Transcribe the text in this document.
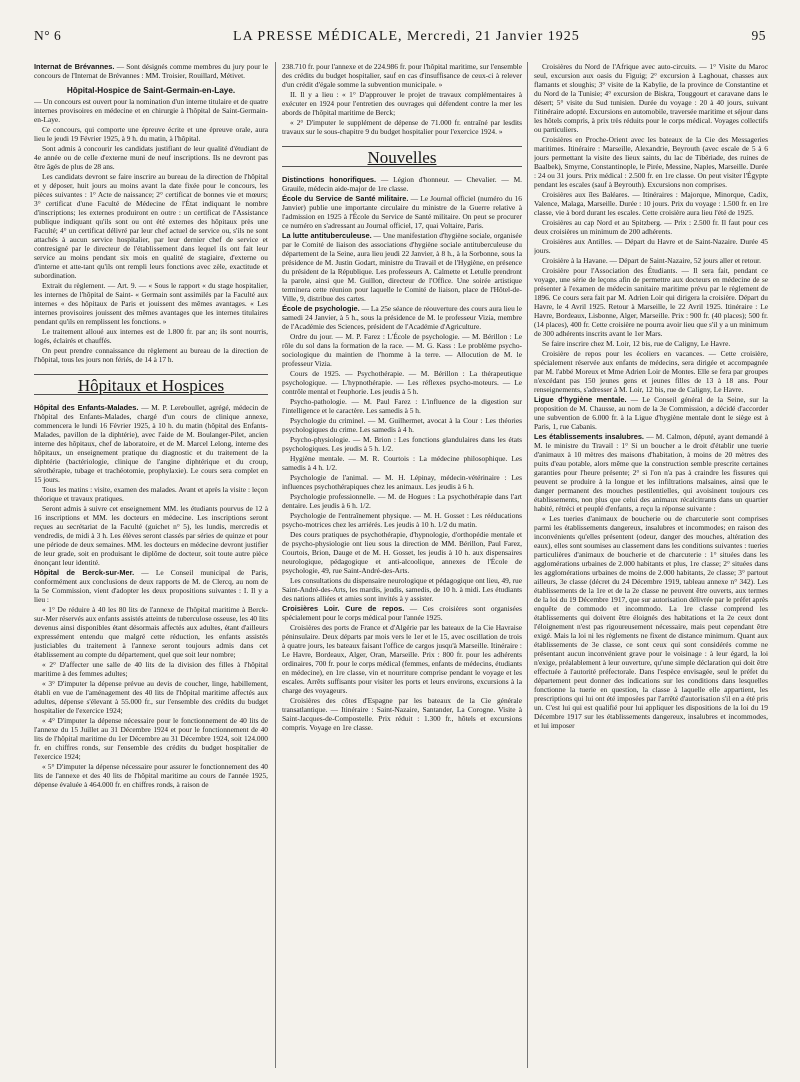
N° 6	LA PRESSE MÉDICALE, Mercredi, 21 Janvier 1925	95

Internat de Brévannes. — Sont désignés comme membres du jury pour le concours de l'Internat de Brévannes : MM. Troisier, Rouillard, Métivet.

Hôpital-Hospice de Saint-Germain-en-Laye.

— Un concours est ouvert pour la nomination d'un interne titulaire et de quatre internes provisoires en médecine et en chirurgie à l'hôpital de Saint-Germain-en-Laye.

Ce concours, qui comporte une épreuve écrite et une épreuve orale, aura lieu le jeudi 19 Février 1925, à 9 h. du matin, à l'hôpital.

Sont admis à concourir les candidats justifiant de leur qualité d'étudiant de 4e année ou de celle d'externe muni de neuf inscriptions. Ils ne devront pas être âgés de plus de 28 ans.

Les candidats devront se faire inscrire au bureau de la direction de l'hôpital et y déposer, huit jours au moins avant la date fixée pour le concours, les pièces suivantes : 1° Acte de naissance; 2° certificat de bonnes vie et mœurs; 3° certificat d'une Faculté de Médecine de l'État indiquant le nombre d'inscriptions; les externes produiront en outre : un certificat de l'Assistance publique indiquant qu'ils sont ou ont été externes des hôpitaux près une Faculté; 4° un certificat délivré par leur chef actuel de service ou, s'ils ne sont attachés à aucun service hospitalier, par leur dernier chef de service et contresigné par le directeur de l'établissement dans lequel ils ont fait leur service au moins pendant six mois en qualité de stagiaire, d'externe ou d'interne et atte-tant qu'ils ont rempli leurs fonctions avec zèle, exactitude et subordination.

Extrait du règlement. — Art. 9. — « Sous le rapport « du stage hospitalier, les internes de l'hôpital de Saint- « Germain sont assimilés par la Faculté aux internes « des hôpitaux de Paris et jouissent des mêmes avantages. « Les internes provisoires jouissent des mêmes avantages que les internes titulaires pendant qu'ils en remplissent les fonctions. »

Le traitement alloué aux internes est de 1.800 fr. par an; ils sont nourris, logés, éclairés et chauffés.

On peut prendre connaissance du règlement au bureau de la direction de l'hôpital, tous les jours non fériés, de 14 à 17 h.

Hôpitaux et Hospices

Hôpital des Enfants-Malades. — M. P. Lereboullet, agrégé, médecin de l'hôpital des Enfants-Malades, chargé d'un cours de clinique annexe, commencera le lundi 16 Février 1925, à 10 h. du matin (hôpital des Enfants-Malades, pavillon de la diphtérie), avec l'aide de M. Boulanger-Pilet, ancien interne des hôpitaux, chef de laboratoire, et de M. Marcel Lelong, interne des hôpitaux, un enseignement pratique du diagnostic et du traitement de la diphtérie (bactériologie, clinique de l'angine diphtérique et du croup, sérothérapie, tubage et trachéotomie, prophylaxie). Le cours sera complet en 15 jours.

Tous les matins : visite, examen des malades. Avant et après la visite : leçon théorique et travaux pratiques.

Seront admis à suivre cet enseignement MM. les étudiants pourvus de 12 à 16 inscriptions et MM. les docteurs en médecine. Les inscriptions seront reçues au secrétariat de la Faculté (guichet n° 5), les lundis, mercredis et vendredis, de midi à 3 h. Les élèves seront classés par séries de quinze et pour une période de deux semaines. MM. les docteurs en médecine devront justifier de leur grade, soit en produisant le diplôme de docteur, soit toute autre pièce énonçant leur identité.

Hôpital de Berck-sur-Mer. — Le Conseil municipal de Paris, conformément aux conclusions de deux rapports de M. de Clercq, au nom de la 5e Commission, vient d'adopter les deux propositions suivantes : I. Il y a lieu :

« 1° De réduire à 40 les 80 lits de l'annexe de l'hôpital maritime à Berck-sur-Mer réservés aux enfants assistés atteints de tuberculose osseuse, les 40 lits devenus ainsi disponibles étant désormais affectés aux adultes, étant d'ailleurs expressément entendu que malgré cette réduction, les enfants assistés justiciables du traitement à l'annexe seront toujours admis dans cet établissement au compte du département, quel que soit leur nombre;

« 2° D'affecter une salle de 40 lits de la division des filles à l'hôpital maritime à des femmes adultes;

« 3° D'imputer la dépense prévue au devis de coucher, linge, habillement, établi en vue de l'aménagement des 40 lits de l'hôpital maritime affectés aux adultes, dépense s'élevant à 55.000 fr., sur l'ensemble des crédits du budget hospitalier de l'exercice 1924;

« 4° D'imputer la dépense nécessaire pour le fonctionnement de 40 lits de l'annexe du 15 Juillet au 31 Décembre 1924 et pour le fonctionnement de 40 lits de l'hôpital maritime du 1er Décembre au 31 Décembre 1924, soit 124.000 fr. en chiffres ronds, sur l'ensemble des crédits du budget hospitalier de l'exercice 1924;

« 5° D'imputer la dépense nécessaire pour assurer le fonctionnement des 40 lits de l'annexe et des 40 lits de l'hôpital maritime au cours de l'année 1925, dépense évaluée à 464.000 fr. en chiffres ronds, à raison de

238.710 fr. pour l'annexe et de 224.986 fr. pour l'hôpital maritime, sur l'ensemble des crédits du budget hospitalier, sauf en cas d'insuffisance de ceux-ci à relever d'un crédit d'égale somme la subvention municipale. »

II. Il y a lieu : « 1° D'approuver le projet de travaux complémentaires à exécuter en 1924 pour l'entretien des ouvrages qui défendent contre la mer les abords de l'hôpital maritime de Berck;

« 2° D'imputer le supplément de dépense de 71.000 fr. entraîné par lesdits travaux sur le sous-chapitre 9 du budget hospitalier pour l'exercice 1924. »

Nouvelles

Distinctions honorifiques. — Légion d'honneur. — Chevalier. — M. Grauile, médecin aide-major de 1re classe.

École du Service de Santé militaire. — Le Journal officiel (numéro du 16 Janvier) publie une importante circulaire du ministre de la Guerre relative à l'admission en 1925 à l'École du Service de Santé militaire. On peut se procurer ce numéro en s'adressant au Journal officiel, 17, quai Voltaire, Paris.

La lutte antituberculeuse. — Une manifestation d'hygiène sociale, organisée par le Comité de liaison des associations d'hygiène sociale antituberculeuse du département de la Seine, aura lieu jeudi 22 Janvier, à 8 h., à la Sorbonne, sous la présidence de M. Justin Godart, ministre du Travail et de l'Hygiène, en présence du président de la République. Les professeurs A. Calmette et Letulle prendront la parole, ainsi que M. Guillon, directeur de l'Office. Une soirée artistique terminera cette réunion pour laquelle le Comité de liaison, place de l'Hôtel-de-Ville, 9, distribue des cartes.

École de psychologie. — La 25e séance de réouverture des cours aura lieu le samedi 24 Janvier, à 5 h., sous la présidence de M. le professeur Vizia, membre de l'Académie des Sciences, président de l'Académie d'Agriculture.

Ordre du jour. — M. P. Farez : L'École de psychologie. — M. Bérillon : Le rôle du sol dans la formation de la race. — M. G. Kass : Le problème psycho-sociologique du maintien de l'homme à la terre. — Allocution de M. le professeur Vizia.

Cours de 1925. — Psychothérapie. — M. Bérillon : La thérapeutique psychologique. — L'hypnothérapie. — Les réflexes psycho-moteurs. — Le contrôle mental et l'euphorie. Les jeudis à 5 h.

Psycho-pathologie. — M. Paul Farez : L'influence de la digestion sur l'intelligence et le caractère. Les samedis à 5 h.

Psychologie du criminel. — M. Guilhermet, avocat à la Cour : Les théories psychologiques du crime. Les samedis à 4 h.

Psycho-physiologie. — M. Brion : Les fonctions glandulaires dans les états psychologiques. Les jeudis à 5 h. 1/2.

Hygiène mentale. — M. R. Courtois : La médecine philosophique. Les samedis à 4 h. 1/2.

Psychologie de l'animal. — M. H. Lépinay, médecin-vétérinaire : Les influences psychothérapiques chez les animaux. Les jeudis à 6 h.

Psychologie professionnelle. — M. de Hogues : La psychothérapie dans l'art dentaire. Les jeudis à 6 h. 1/2.

Psychologie de l'entraînement physique. — M. H. Gosset : Les rééducations psycho-motrices chez les arriérés. Les jeudis à 10 h. 1/2 du matin.

Des cours pratiques de psychothérapie, d'hypnologie, d'orthopédie mentale et de psycho-physiologie ont lieu sous la direction de MM. Bérillon, Paul Farez, Courtois, Brion, Dauge et de M. H. Gosset, les jeudis à 10 h. aux dispensaires neurologique, pédagogique et anti-alcoolique, annexes de l'École de psychologie, 49, rue Saint-André-des-Arts.

Les consultations du dispensaire neurologique et pédagogique ont lieu, 49, rue Saint-André-des-Arts, les mardis, jeudis, samedis, de 10 h. à midi. Les étudiants des nations alliées et amies sont invités à y assister.

Croisières Loir. Cure de repos. — Ces croisières sont organisées spécialement pour le corps médical pour l'année 1925.

Croisières des ports de France et d'Algérie par les bateaux de la Cie Havraise péninsulaire. Deux départs par mois vers le 1er et le 15, avec oscillation de trois à quatre jours, les bateaux faisant l'office de cargos jusqu'à Marseille. Itinéraire : Le Havre, Bordeaux, Alger, Oran, Marseille. Prix : 800 fr. pour les adhérents ordinaires, 700 fr. pour le corps médical (femmes, enfants de médecins, étudiants en médecine), en 1re classe, vin et nourriture comprise pendant le voyage et les escales. Arrêts suffisants pour visiter les ports et leurs environs, excursions à la charge des voyageurs.

Croisières des côtes d'Espagne par les bateaux de la Cie générale transatlantique. — Itinéraire : Saint-Nazaire, Santander, La Corogne. Visite à Saint-Jacques-de-Compostelle. Prix réduit : 1.300 fr., hôtels et excursions compris. Voyage en 1re classe.

Croisières du Nord de l'Afrique avec auto-circuits. — 1° Visite du Maroc seul, excursion aux oasis du Figuig; 2° excursion à Laghouat, chasses aux flamants et sloughis; 3° visite de la Kabylie, de la province de Constantine et du Nord de la Tunisie; 4° excursion de Biskra, Touggourt et caravane dans le désert; 5° visite du Sud tunisien. Durée du voyage : 20 à 40 jours, suivant l'itinéraire adopté. Excursions en automobile, traversée maritime et séjour dans les hôtels compris, à prix très réduits pour le corps médical. Voyages collectifs ou particuliers.

Croisières en Proche-Orient avec les bateaux de la Cie des Messageries maritimes. Itinéraire : Marseille, Alexandrie, Beyrouth (avec escale de 5 à 6 jours permettant la visite des lieux saints, du lac de Tibériade, des ruines de Baalbek), Smyrne, Constantinople, le Pirée, Messine, Naples, Marseille. Durée : 24 ou 31 jours. Prix médical : 2.500 fr. en 1re classe. On peut visiter l'Égypte pendant les escales (sauf à Beyrouth). Excursions non comprises.

Croisières aux îles Baléares. — Itinéraires : Majorque, Minorque, Cadix, Valence, Malaga, Marseille. Durée : 10 jours. Prix du voyage : 1.500 fr. en 1re classe, vie à bord durant les escales. Cette croisière aura lieu l'été de 1925.

Croisières au cap Nord et au Spitzberg. — Prix : 2.500 fr. Il faut pour ces deux croisières un minimum de 200 adhérents.

Croisières aux Antilles. — Départ du Havre et de Saint-Nazaire. Durée 45 jours.

Croisière à la Havane. — Départ de Saint-Nazaire, 52 jours aller et retour.

Croisière pour l'Association des Étudiants. — Il sera fait, pendant ce voyage, une série de leçons afin de permettre aux docteurs en médecine de se présenter à l'examen de médecin sanitaire maritime prévu par le règlement de 1896. Ce cours sera fait par M. Adrien Loir qui dirigera la croisière. Départ du Havre, le 4 Avril 1925. Retour à Marseille, le 22 Avril 1925. Itinéraire : Le Havre, Bordeaux, Lisbonne, Alger, Marseille. Prix : 900 fr. (40 places); 500 fr. (14 places), 400 fr. Cette croisière ne pourra avoir lieu que s'il y a un minimum de 300 adhérents inscrits avant le 1er Mars.

Se faire inscrire chez M. Loir, 12 bis, rue de Caligny, Le Havre.

Croisière de repos pour les écoliers en vacances. — Cette croisière, spécialement réservée aux enfants de médecins, sera dirigée et accompagnée par M. l'abbé Moreux et Mme Adrien Loir de Montes. Elle se fera par groupes n'excédant pas 150 jeunes gens et jeunes filles de 13 à 18 ans. Pour renseignements, s'adresser à M. Loir, 12 bis, rue de Caligny, Le Havre.

Ligue d'hygiène mentale. — Le Conseil général de la Seine, sur la proposition de M. Chausse, au nom de la 3e Commission, a décidé d'accorder une subvention de 6.000 fr. à la Ligue d'hygiène mentale dont le siège est à Paris, 1, rue Cabanis.

Les établissements insalubres. — M. Calmon, député, ayant demandé à M. le ministre du Travail : 1° Si un boucher a le droit d'établir une tuerie d'animaux à 10 mètres des maisons d'habitation, à moins de 20 mètres des puits d'eau potable, alors même que la construction semble prescrite certaines garanties pour l'heure présente; 2° si l'on n'a pas à craindre les fissures qui peuvent se produire à la longue et les infiltrations malsaines, ainsi que le danger permanent des mouches pestilentielles, qui avoisinent toujours ces établissements, non plus que celui des animaux récalcitrants dans un quartier habité, rétréci et peuplé d'enfants, a reçu la réponse suivante :

« Les tueries d'animaux de boucherie ou de charcuterie sont comprises parmi les établissements dangereux, insalubres et incommodes; en raison des inconvénients qu'elles présentent (odeur, danger des mouches, altération des eaux), elles sont soumises au classement dans les conditions suivantes : tueries particulières d'animaux de boucherie et de charcuterie : 1° situées dans les agglomérations urbaines de 2.000 habitants et plus, 1re classe; 2° situées dans les agglomérations urbaines de moins de 2.000 habitants, 2e classe; 3° partout ailleurs, 3e classe (décret du 24 Décembre 1919, tableau annexe n° 342). Les établissements de la 1re et de la 2e classe ne peuvent être ouverts, aux termes de la loi du 19 Décembre 1917, que sur autorisation délivrée par le préfet après enquête de commodo et incommodo. La 1re classe comprend les établissements qui doivent être éloignés des habitations et la 2e ceux dont l'éloignement n'est pas rigoureusement nécessaire, mais peut cependant être exigé. Mais la loi ni les règlements ne fixent de distance minimum. Quant aux établissements de 3e classe, ce sont ceux qui sont considérés comme ne présentant aucun inconvénient grave pour le voisinage : à leur égard, la loi n'exige, préalablement à leur ouverture, qu'une simple déclaration qui doit être effectuée à l'autorité préfectorale. Dans l'espèce envisagée, seul le préfet du département peut donner des indications sur les conditions dans lesquelles fonctionne la tuerie en question, la classe à laquelle elle appartient, les prescriptions qui lui ont été imposées par l'arrêté d'autorisation s'il en a été pris un. C'est lui qui est qualifié pour lui appliquer les dispositions de la loi du 19 Décembre 1917 sur les établissements dangereux, insalubres et incommodes, et lui imposer
